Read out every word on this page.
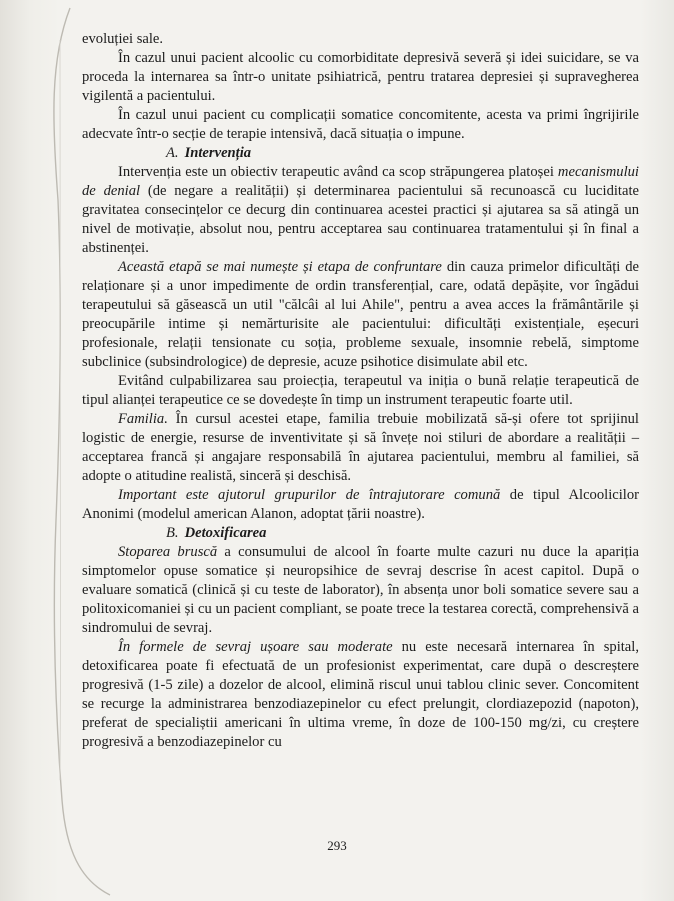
evoluției sale.

În cazul unui pacient alcoolic cu comorbiditate depresivă severă și idei suicidare, se va proceda la internarea sa într-o unitate psihiatrică, pentru tratarea depresiei și supravegherea vigilentă a pacientului.

În cazul unui pacient cu complicații somatice concomitente, acesta va primi îngrijirile adecvate într-o secție de terapie intensivă, dacă situația o impune.

A. Intervenția

Intervenția este un obiectiv terapeutic având ca scop străpungerea platoșei mecanismului de denial (de negare a realității) și determinarea pacientului să recunoască cu luciditate gravitatea consecințelor ce decurg din continuarea acestei practici și ajutarea sa să atingă un nivel de motivație, absolut nou, pentru acceptarea sau continuarea tratamentului și în final a abstinenței.

Această etapă se mai numește și etapa de confruntare din cauza primelor dificultăți de relaționare și a unor impedimente de ordin transferențial, care, odată depășite, vor îngădui terapeutului să găsească un util "călcâi al lui Ahile", pentru a avea acces la frământările și preocupările intime și nemărturisite ale pacientului: dificultăți existențiale, eșecuri profesionale, relații tensionate cu soția, probleme sexuale, insomnie rebelă, simptome subclinice (subsindrologice) de depresie, acuze psihotice disimulate abil etc.

Evitând culpabilizarea sau proiecția, terapeutul va iniția o bună relație terapeutică de tipul alianței terapeutice ce se dovedește în timp un instrument terapeutic foarte util.

Familia. În cursul acestei etape, familia trebuie mobilizată să-și ofere tot sprijinul logistic de energie, resurse de inventivitate și să învețe noi stiluri de abordare a realității – acceptarea francă și angajare responsabilă în ajutarea pacientului, membru al familiei, să adopte o atitudine realistă, sinceră și deschisă.

Important este ajutorul grupurilor de întrajutorare comună de tipul Alcoolicilor Anonimi (modelul american Alanon, adoptat țării noastre).

B. Detoxificarea

Stoparea bruscă a consumului de alcool în foarte multe cazuri nu duce la apariția simptomelor opuse somatice și neuropsihice de sevraj descrise în acest capitol. După o evaluare somatică (clinică și cu teste de laborator), în absența unor boli somatice severe sau a politoxicomaniei și cu un pacient compliant, se poate trece la testarea corectă, comprehensivă a sindromului de sevraj.

În formele de sevraj ușoare sau moderate nu este necesară internarea în spital, detoxificarea poate fi efectuată de un profesionist experimentat, care după o descreștere progresivă (1-5 zile) a dozelor de alcool, elimină riscul unui tablou clinic sever. Concomitent se recurge la administrarea benzodiazepinelor cu efect prelungit, clordiazepozid (napoton), preferat de specialiștii americani în ultima vreme, în doze de 100-150 mg/zi, cu creștere progresivă a benzodiazepinelor cu

293
